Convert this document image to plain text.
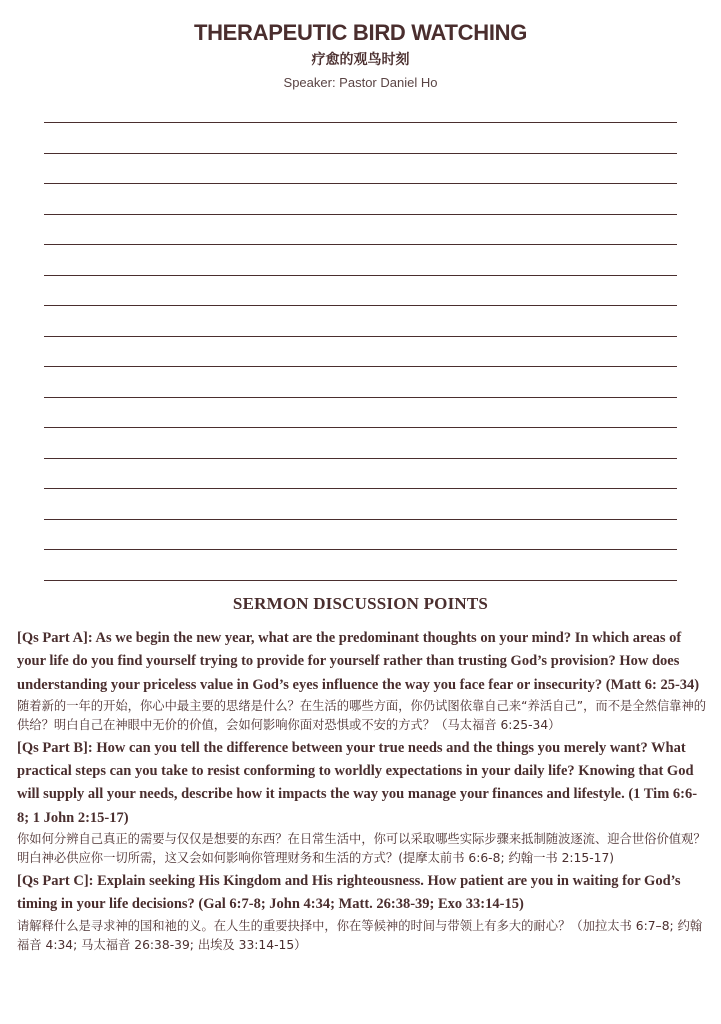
THERAPEUTIC BIRD WATCHING
疗愈的观鸟时刻
Speaker: Pastor Daniel Ho
SERMON DISCUSSION POINTS

[Qs Part A]: As we begin the new year, what are the predominant thoughts on your mind? In which areas of your life do you find yourself trying to provide for yourself rather than trusting God’s provision? How does understanding your priceless value in God’s eyes influence the way you face fear or insecurity? (Matt 6: 25-34)

随着新的一年的开始，你心中最主要的思绪是什么？在生活的哪些方面，你仍试图依靠自己来“养活自己”，而不是全然信靠神的供给？明白自己在神眼中无价的价值，会如何影响你面对恐惧或不安的方式？（马太福音 6:25-34）

[Qs Part B]: How can you tell the difference between your true needs and the things you merely want? What practical steps can you take to resist conforming to worldly expectations in your daily life? Knowing that God will supply all your needs, describe how it impacts the way you manage your finances and lifestyle. (1 Tim 6:6-8; 1 John 2:15-17)

你如何分辨自己真正的需要与仅仅是想要的东西？在日常生活中，你可以采取哪些实际步骤来抵制随波逐流、迎合世俗价值观？明白神必供应你一切所需，这又会如何影响你管理财务和生活的方式？(提摩太前书 6:6-8; 约翰一书 2:15-17)

[Qs Part C]: Explain seeking His Kingdom and His righteousness. How patient are you in waiting for God’s timing in your life decisions? (Gal 6:7-8; John 4:34; Matt. 26:38-39; Exo 33:14-15)

请解释什么是寻求神的国和祂的义。在人生的重要抉择中，你在等候神的时间与带领上有多大的耐心？（加拉太书 6:7–8; 约翰福音 4:34; 马太福音 26:38-39; 出埃及 33:14-15）
